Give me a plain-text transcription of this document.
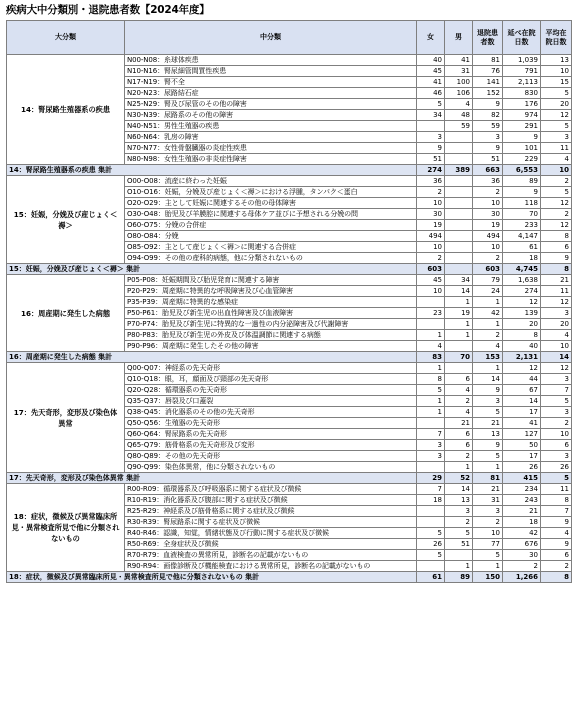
疾病大中分類別・退院患者数【2024年度】
大分類	中分類	女	男	退院患者数	延べ在院日数	平均在院日数
14：腎尿路生殖器系の疾患	N00-N08：糸球体疾患	40	41	81	1,039	13
	N10-N16：腎尿細管間質性疾患	45	31	76	791	10
	N17-N19：腎不全	41	100	141	2,113	15
	N20-N23：尿路結石症	46	106	152	830	5
	N25-N29：腎及び尿管のその他の障害	5	4	9	176	20
	N30-N39：尿路系のその他の障害	34	48	82	974	12
	N40-N51：男性生殖器の疾患		59	59	291	5
	N60-N64：乳房の障害	3		3	9	3
	N70-N77：女性骨盤臓器の炎症性疾患	9		9	101	11
	N80-N98：女性生殖器の非炎症性障害	51		51	229	4
14：腎尿路生殖器系の疾患 集計		274	389	663	6,553	10
15：妊娠，分娩及び産じょく＜褥＞	O00-O08：流産に終わった妊娠	36		36	89	2
	O10-O16：妊娠，分娩及び産じょく＜褥＞における浮腫，タンパク＜蛋白	2		2	9	5
	O20-O29：主として妊娠に関連するその他の母体障害	10		10	118	12
	O30-O48：胎児及び羊膜腔に関連する母体ケア並びに予想される分娩の問	30		30	70	2
	O60-O75：分娩の合併症	19		19	233	12
	O80-O84：分娩	494		494	4,147	8
	O85-O92：主として産じょく＜褥＞に関連する合併症	10		10	61	6
	O94-O99：その他の産科的病態，他に分類されないもの	2		2	18	9
15：妊娠，分娩及び産じょく＜褥＞ 集計		603		603	4,745	8
16：周産期に発生した病態	P05-P08：妊娠期間及び胎児発育に関連する障害	45	34	79	1,638	21
	P20-P29：周産期に特異的な呼吸障害及び心血管障害	10	14	24	274	11
	P35-P39：周産期に特異的な感染症		1	1	12	12
	P50-P61：胎児及び新生児の出血性障害及び血液障害	23	19	42	139	3
	P70-P74：胎児及び新生児に特異的な一過性の内分泌障害及び代謝障害		1	1	20	20
	P80-P83：胎児及び新生児の外皮及び体温調節に関連する病態	1	1	2	8	4
	P90-P96：周産期に発生したその他の障害	4		4	40	10
16：周産期に発生した病態 集計		83	70	153	2,131	14
17：先天奇形，変形及び染色体異常	Q00-Q07：神経系の先天奇形	1		1	12	12
	Q10-Q18：眼，耳，顔面及び頸部の先天奇形	8	6	14	44	3
	Q20-Q28：循環器系の先天奇形	5	4	9	67	7
	Q35-Q37：唇裂及び口蓋裂	1	2	3	14	5
	Q38-Q45：消化器系のその他の先天奇形	1	4	5	17	3
	Q50-Q56：生殖器の先天奇形		21	21	41	2
	Q60-Q64：腎尿路系の先天奇形	7	6	13	127	10
	Q65-Q79：筋骨格系の先天奇形及び変形	3	6	9	50	6
	Q80-Q89：その他の先天奇形	3	2	5	17	3
	Q90-Q99：染色体異常，他に分類されないもの		1	1	26	26
17：先天奇形，変形及び染色体異常 集計		29	52	81	415	5
18：症状，徴候及び異常臨床所見・異常検査所見で他に分類されないもの	R00-R09：循環器系及び呼吸器系に関する症状及び徴候	7	14	21	234	11
	R10-R19：消化器系及び腹部に関する症状及び徴候	18	13	31	243	8
	R25-R29：神経系及び筋骨格系に関する症状及び徴候		3	3	21	7
	R30-R39：腎尿路系に関する症状及び徴候		2	2	18	9
	R40-R46：認識，知覚，情緒状態及び行動に関する症状及び徴候	5	5	10	42	4
	R50-R69：全身症状及び徴候	26	51	77	676	9
	R70-R79：血液検査の異常所見，診断名の記載がないもの	5		5	30	6
	R90-R94：画像診断及び機能検査における異常所見，診断名の記載がないもの		1	1	2	2
18：症状，徴候及び異常臨床所見・異常検査所見で他に分類されないもの 集計		61	89	150	1,266	8
